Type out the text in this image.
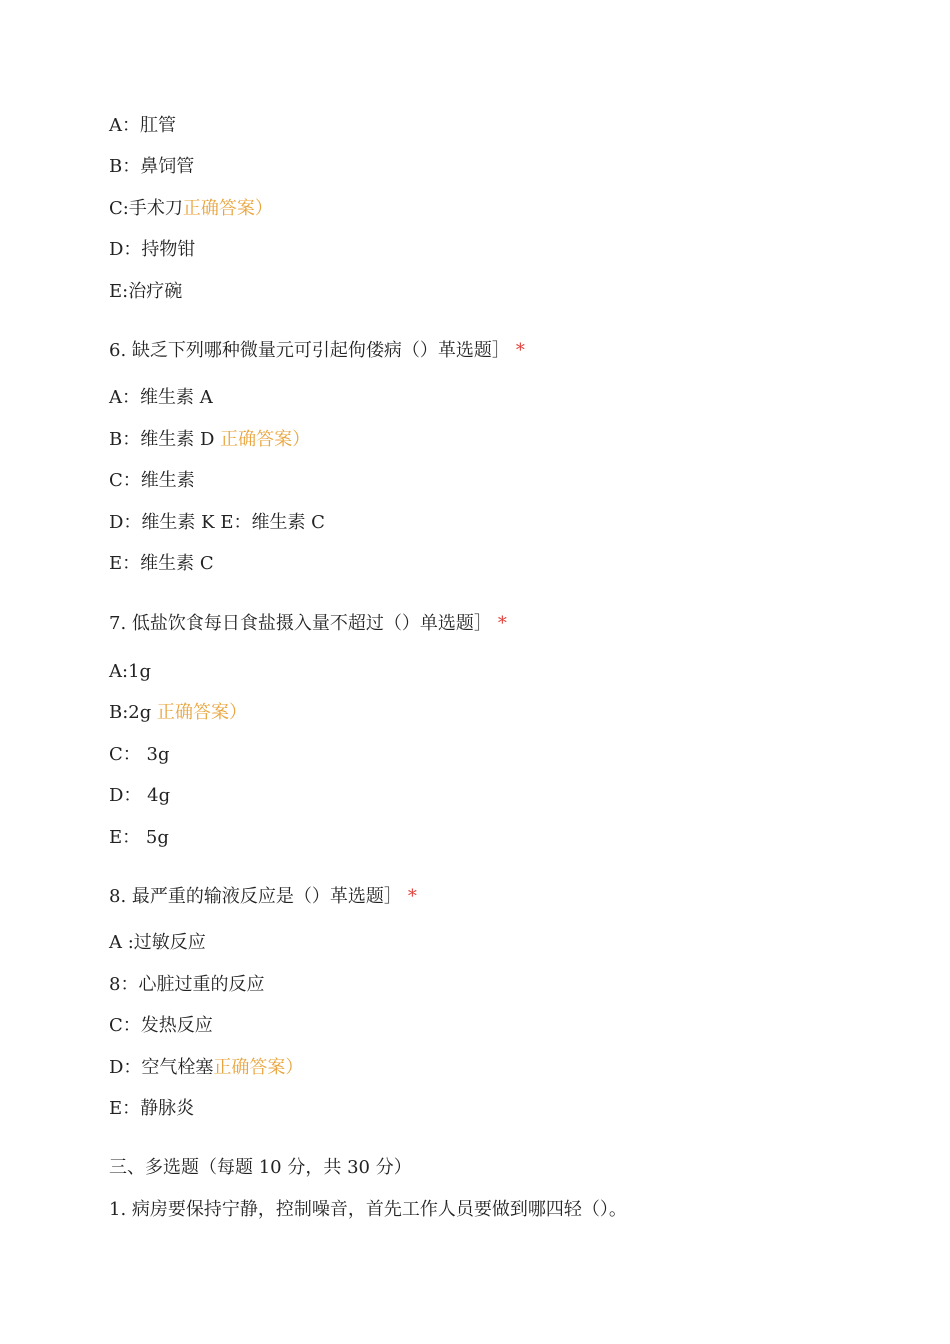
A：肛管
B：鼻饲管
C:手术刀正确答案）
D：持物钳
E:治疗碗
6. 缺乏下列哪种微量元可引起佝偻病（）革选题］ *
A：维生素 A
B：维生素 D 正确答案）
C：维生素
D：维生素 K E：维生素 C
E：维生素 C
7. 低盐饮食每日食盐摄入量不超过（）单选题］ *
A:1g
B:2g 正确答案）
C： 3g
D： 4g
E： 5g
8. 最严重的输液反应是（）革选题］ *
A :过敏反应
8：心脏过重的反应
C：发热反应
D：空气栓塞正确答案）
E：静脉炎
三、多选题（每题 10 分，共 30 分）
1. 病房要保持宁静，控制噪音，首先工作人员要做到哪四轻（）。
